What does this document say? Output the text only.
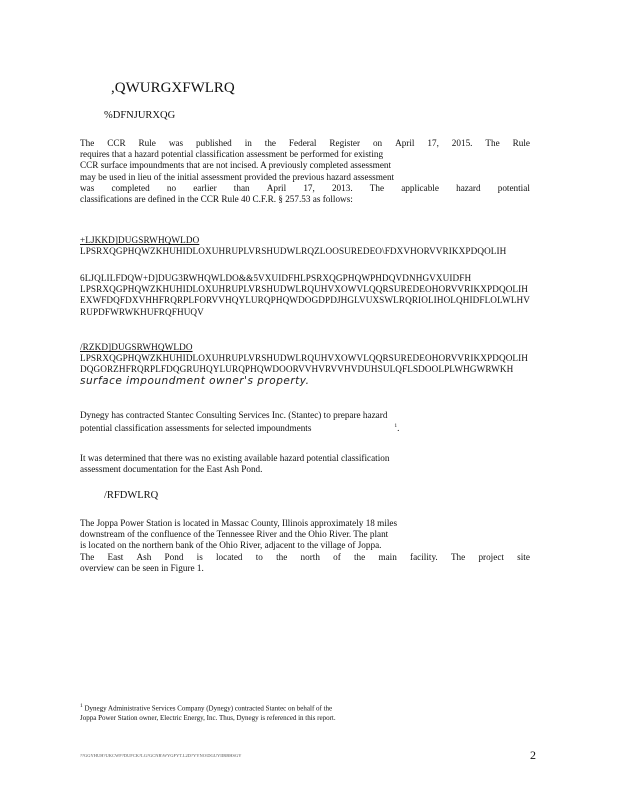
,QWURGXFWLRQ
%DFNJURXQG
The CCR Rule was published in the Federal Register on April 17, 2015. The Rule
requires that a hazard potential classification assessment be performed for existing
CCR surface impoundments that are not incised. A previously completed assessment
may be used in lieu of the initial assessment provided the previous hazard assessment
was completed no earlier than April 17, 2013. The applicable hazard potential
classifications are defined in the CCR Rule 40 C.F.R. § 257.53 as follows:
+LJKKD]DUGSRWHQWLDO
LPSRXQGPHQWZKHUHIDLOXUHRUPLVRSHUDWLRQZLOOSUREDEO\FDXVHORVVRIKXPDQOLIH
6LJQLILFDQW+D]DUG3RWHQWLDO&&5VXUIDFHLPSRXQGPHQWPHDQVDNHGVXUIDFH
LPSRXQGPHQWZKHUHIDLOXUHRUPLVRSHUDWLRQUHVXOWVLQQRSUREDEOHORVVRIKXPDQOLIH
EXWFDQFDXVHHFRQRPLFORVVHQYLURQPHQWDOGDPDJHGLVUXSWLRQRIOLIHOLQHIDFLOLWLHV
RUPDFWRWKHUFRQFHUQV
/RZKD]DUGSRWHQWLDO
LPSRXQGPHQWZKHUHIDLOXUHRUPLVRSHUDWLRQUHVXOWVLQQRSUREDEOHORVVRIKXPDQOLIH
DQGORZHFRQRPLFDQGRUHQYLURQPHQWDOORVVHVRVVHVDUHSULQFLSDOOLPLWHGWRWKH
surface impoundment owner's property.
Dynegy has contracted Stantec Consulting Services Inc. (Stantec) to prepare hazard
potential classification assessments for selected impoundments	$^1$.
It was determined that there was no existing available hazard potential classification
assessment documentation for the East Ash Pond.
/RFDWLRQ
The Joppa Power Station is located in Massac County, Illinois approximately 18 miles
downstream of the confluence of the Tennessee River and the Ohio River. The plant
is located on the northern bank of the Ohio River, adjacent to the village of Joppa.
The East Ash Pond is located to the north of the main facility. The project site
overview can be seen in Figure 1.
$^1$ Dynegy Administrative Services Company (Dynegy) contracted Stantec on behalf of the
Joppa Power Station owner, Electric Energy, Inc. Thus, Dynegy is referenced in this report.
??GGYHUH?UKCWF?DUFCK?LG?GCNR\WYGFYT.L2D?YYNO\DGUYIIRBHSGY	2
